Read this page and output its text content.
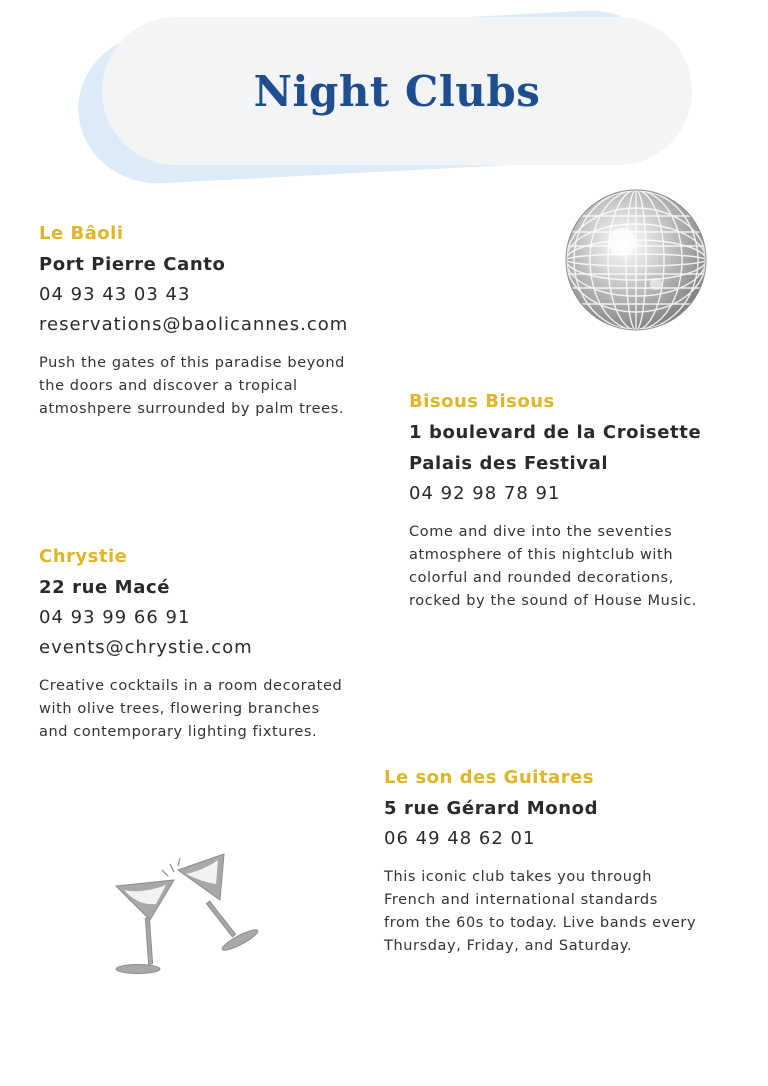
Night Clubs
Le Bâoli
Port Pierre Canto
04 93 43 03 43
reservations@baolicannes.com
Push the gates of this paradise beyond
the doors and discover a tropical
atmoshpere surrounded by palm trees.	Bisous Bisous
1 boulevard de la Croisette
Palais des Festival
04 92 98 78 91
Come and dive into the seventies
atmosphere of this nightclub with
colorful and rounded decorations,
rocked by the sound of House Music.
Chrystie
22 rue Macé
04 93 99 66 91
events@chrystie.com
Creative cocktails in a room decorated
with olive trees, flowering branches
and contemporary lighting fixtures.
Le son des Guitares
5 rue Gérard Monod
06 49 48 62 01
This iconic club takes you through
French and international standards
from the 60s to today. Live bands every
Thursday, Friday, and Saturday.
